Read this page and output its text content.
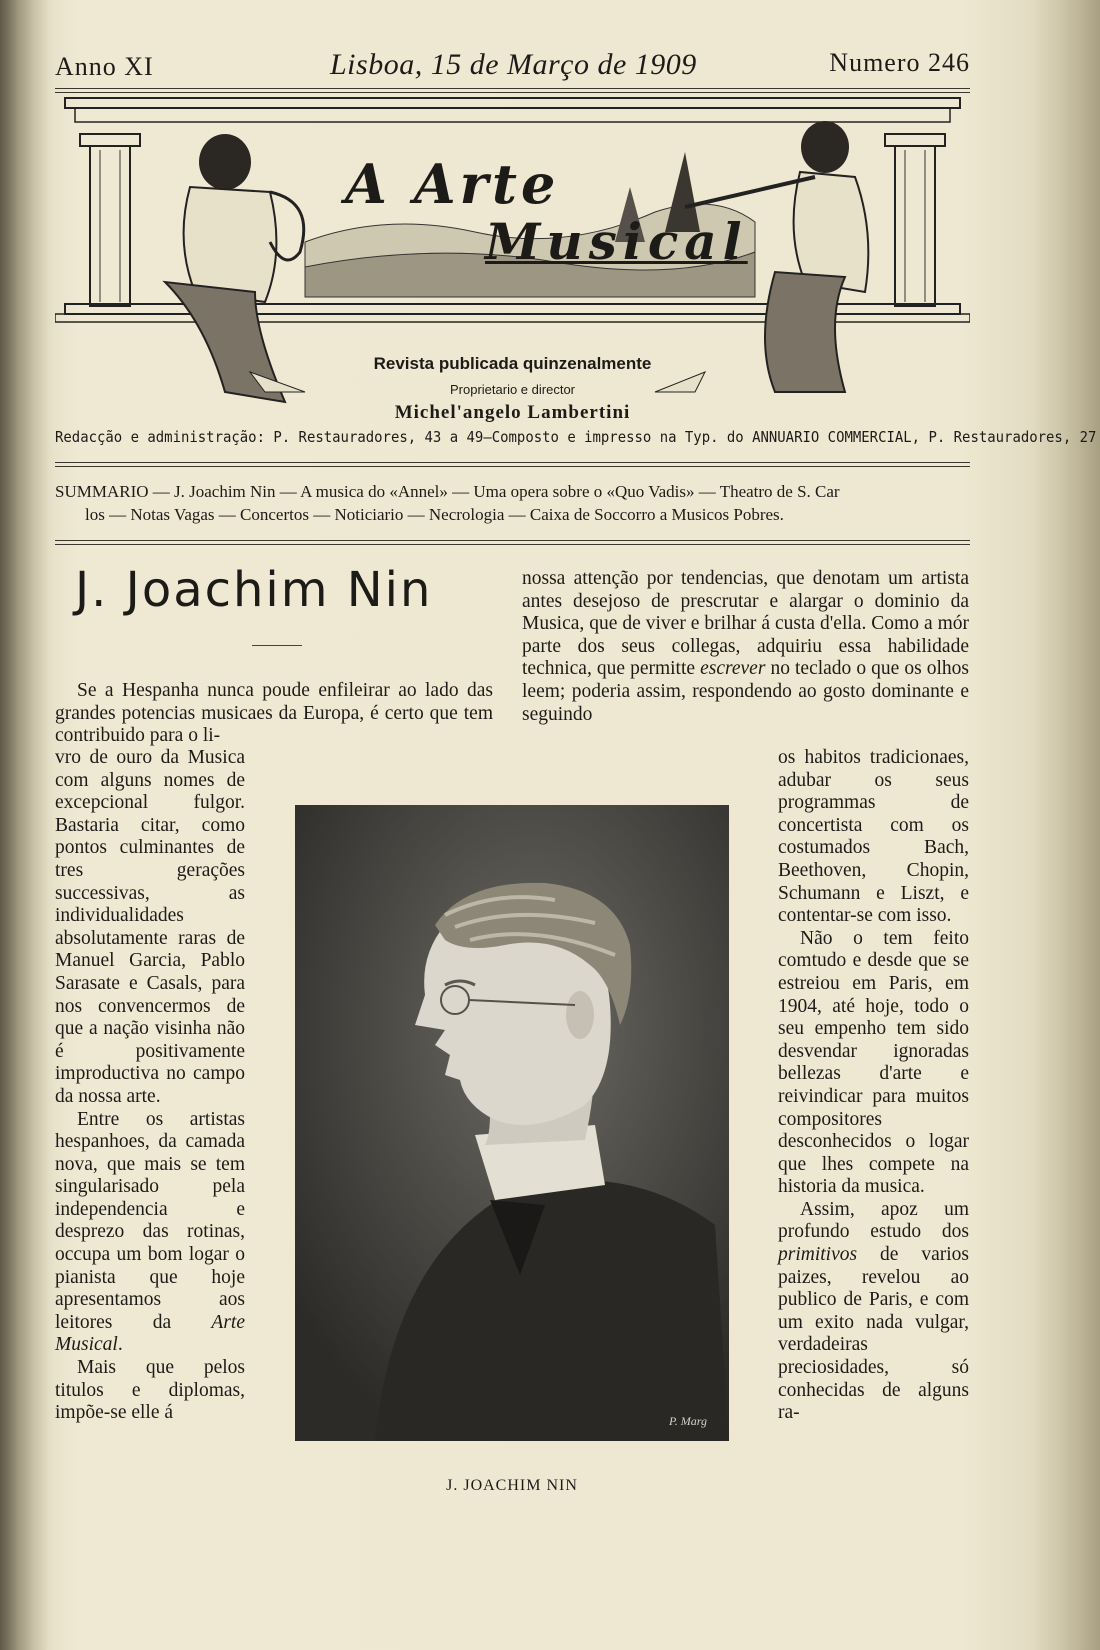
Anno XI	Lisboa, 15 de Março de 1909	Numero 246
A Arte
Musical
Revista publicada quinzenalmente
Proprietario e director
Michel'angelo Lambertini
Redacção e administração: P. Restauradores, 43 a 49—Composto e impresso na Typ. do ANNUARIO COMMERCIAL, P. Restauradores, 27
SUMMARIO — J. Joachim Nin — A musica do «Annel» — Uma opera sobre o «Quo Vadis» — Theatro de S. Car
los — Notas Vagas — Concertos — Noticiario — Necrologia — Caixa de Soccorro a Musicos Pobres.
J. Joachim Nin

Se a Hespanha nunca poude enfileirar ao lado das grandes potencias musicaes da Europa, é certo que tem contribuido para o li-

vro de ouro da Musica com alguns nomes de excepcional fulgor. Bastaria citar, como pontos culminantes de tres gerações successivas, as individualidades absolutamente raras de Manuel Garcia, Pablo Sarasate e Casals, para nos convencermos de que a nação visinha não é positivamente improductiva no campo da nossa arte.

Entre os artistas hespanhoes, da camada nova, que mais se tem singularisado pela independencia e desprezo das rotinas, occupa um bom logar o pianista que hoje apresentamos aos leitores da Arte Musical.

Mais que pelos titulos e diplomas, impõe-se elle á

nossa attenção por tendencias, que denotam um artista antes desejoso de prescrutar e alargar o dominio da Musica, que de viver e brilhar á custa d'ella. Como a mór parte dos seus collegas, adquiriu essa habilidade technica, que permitte escrever no teclado o que os olhos leem; poderia assim, respondendo ao gosto dominante e seguindo

os habitos tradicionaes, adubar os seus programmas de concertista com os costumados Bach, Beethoven, Chopin, Schumann e Liszt, e contentar-se com isso.

Não o tem feito comtudo e desde que se estreiou em Paris, em 1904, até hoje, todo o seu empenho tem sido desvendar ignoradas bellezas d'arte e reivindicar para muitos compositores desconhecidos o logar que lhes compete na historia da musica.

Assim, apoz um profundo estudo dos primitivos de varios paizes, revelou ao publico de Paris, e com um exito nada vulgar, verdadeiras preciosidades, só conhecidas de alguns ra-

P. Marg
J. JOACHIM NIN
